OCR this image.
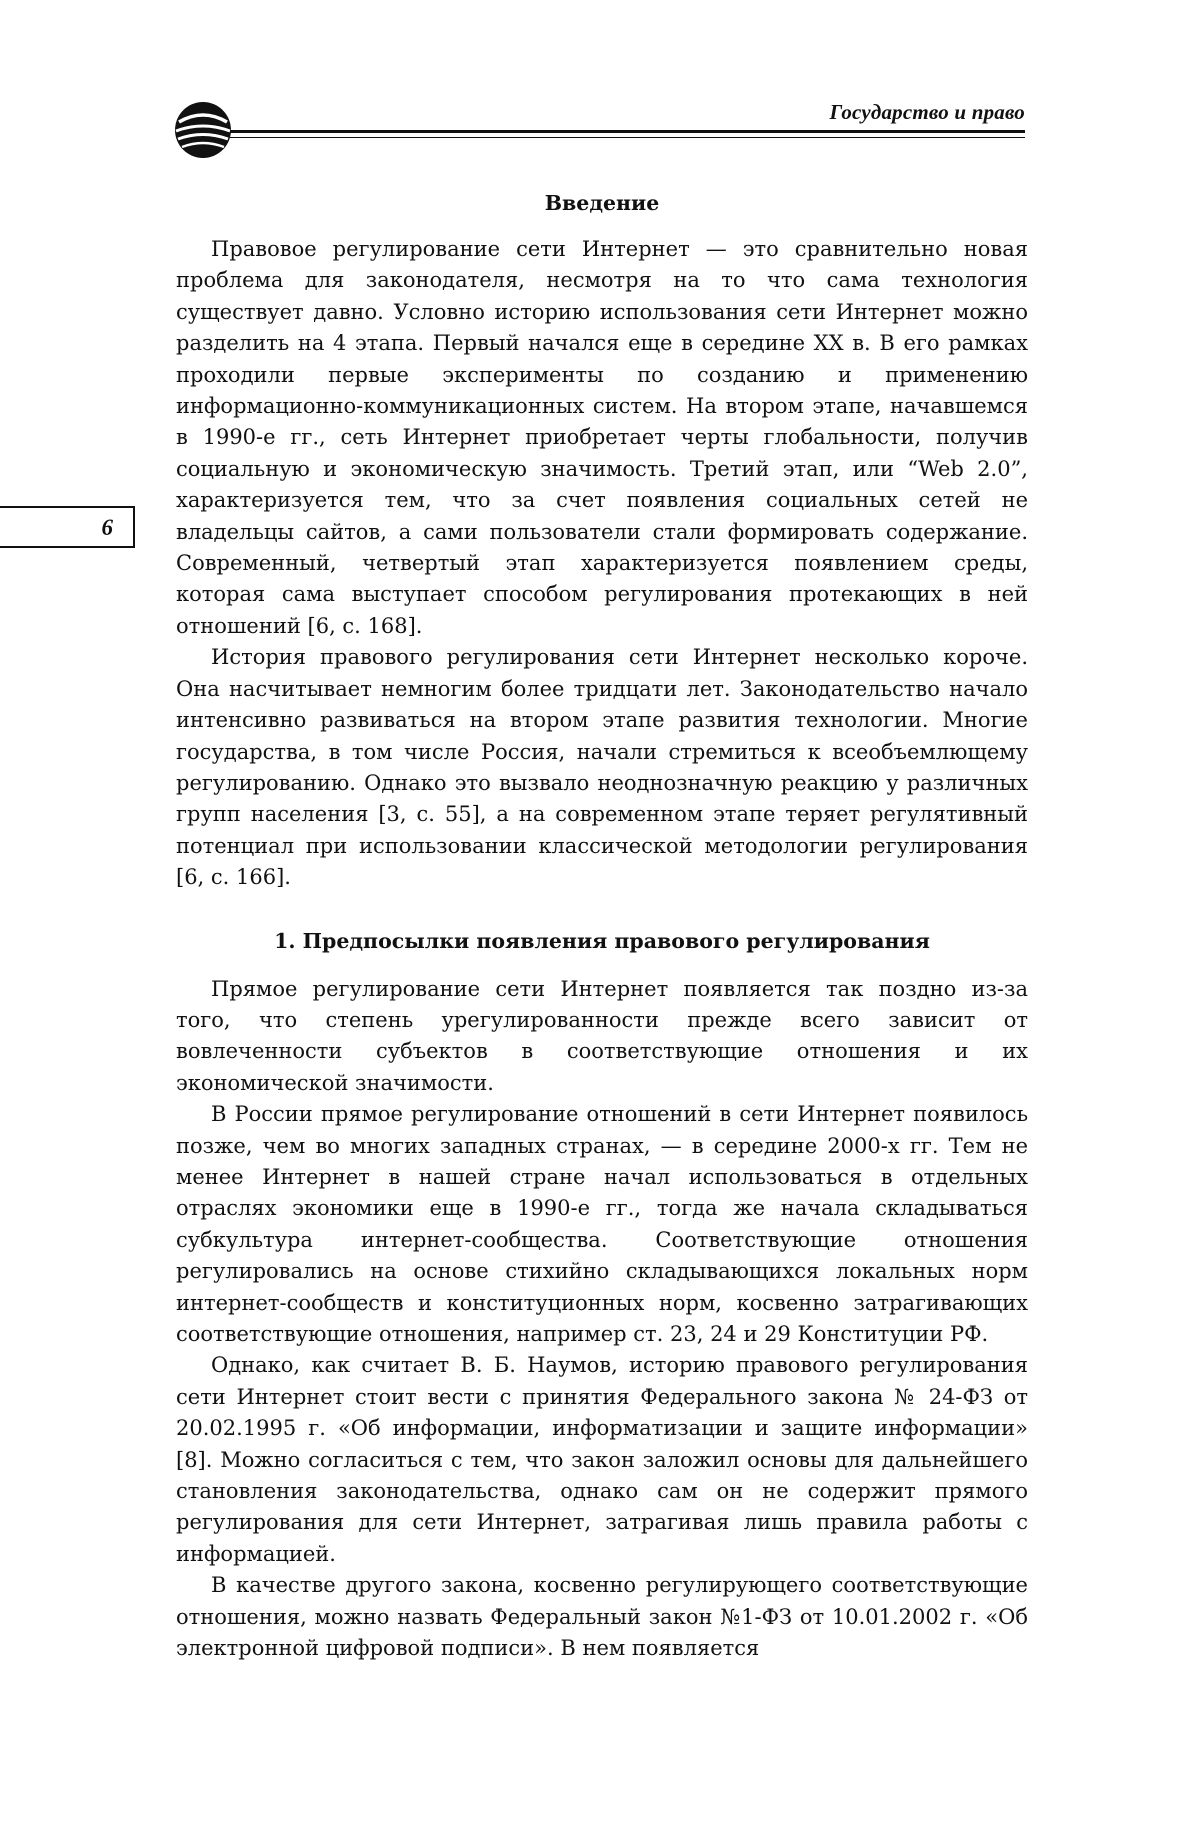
Государство и право
6
Введение

Правовое регулирование сети Интернет — это сравнительно новая проблема для законодателя, несмотря на то что сама технология существует давно. Условно историю использования сети Интернет можно разделить на 4 этапа. Первый начался еще в середине XX в. В его рамках проходили первые эксперименты по созданию и применению информационно-коммуникационных систем. На втором этапе, начавшемся в 1990-е гг., сеть Интернет приобретает черты глобальности, получив социальную и экономическую значимость. Третий этап, или “Web 2.0”, характеризуется тем, что за счет появления социальных сетей не владельцы сайтов, а сами пользователи стали формировать содержание. Современный, четвертый этап характеризуется появлением среды, которая сама выступает способом регулирования протекающих в ней отношений [6, с. 168].

История правового регулирования сети Интернет несколько короче. Она насчитывает немногим более тридцати лет. Законодательство начало интенсивно развиваться на втором этапе развития технологии. Многие государства, в том числе Россия, начали стремиться к всеобъемлющему регулированию. Однако это вызвало неоднозначную реакцию у различных групп населения [3, с. 55], а на современном этапе теряет регулятивный потенциал при использовании классической методологии регулирования [6, с. 166].

1. Предпосылки появления правового регулирования

Прямое регулирование сети Интернет появляется так поздно из-за того, что степень урегулированности прежде всего зависит от вовлеченности субъектов в соответствующие отношения и их экономической значимости.

В России прямое регулирование отношений в сети Интернет появилось позже, чем во многих западных странах, — в середине 2000-х гг. Тем не менее Интернет в нашей стране начал использоваться в отдельных отраслях экономики еще в 1990-е гг., тогда же начала складываться субкультура интернет-сообщества. Соответствующие отношения регулировались на основе стихийно складывающихся локальных норм интернет-сообществ и конституционных норм, косвенно затрагивающих соответствующие отношения, например ст. 23, 24 и 29 Конституции РФ.

Однако, как считает В. Б. Наумов, историю правового регулирования сети Интернет стоит вести с принятия Федерального закона № 24-ФЗ от 20.02.1995 г. «Об информации, информатизации и защите информации» [8]. Можно согласиться с тем, что закон заложил основы для дальнейшего становления законодательства, однако сам он не содержит прямого регулирования для сети Интернет, затрагивая лишь правила работы с информацией.

В качестве другого закона, косвенно регулирующего соответствующие отношения, можно назвать Федеральный закон №1-ФЗ от 10.01.2002 г. «Об электронной цифровой подписи». В нем появляется
